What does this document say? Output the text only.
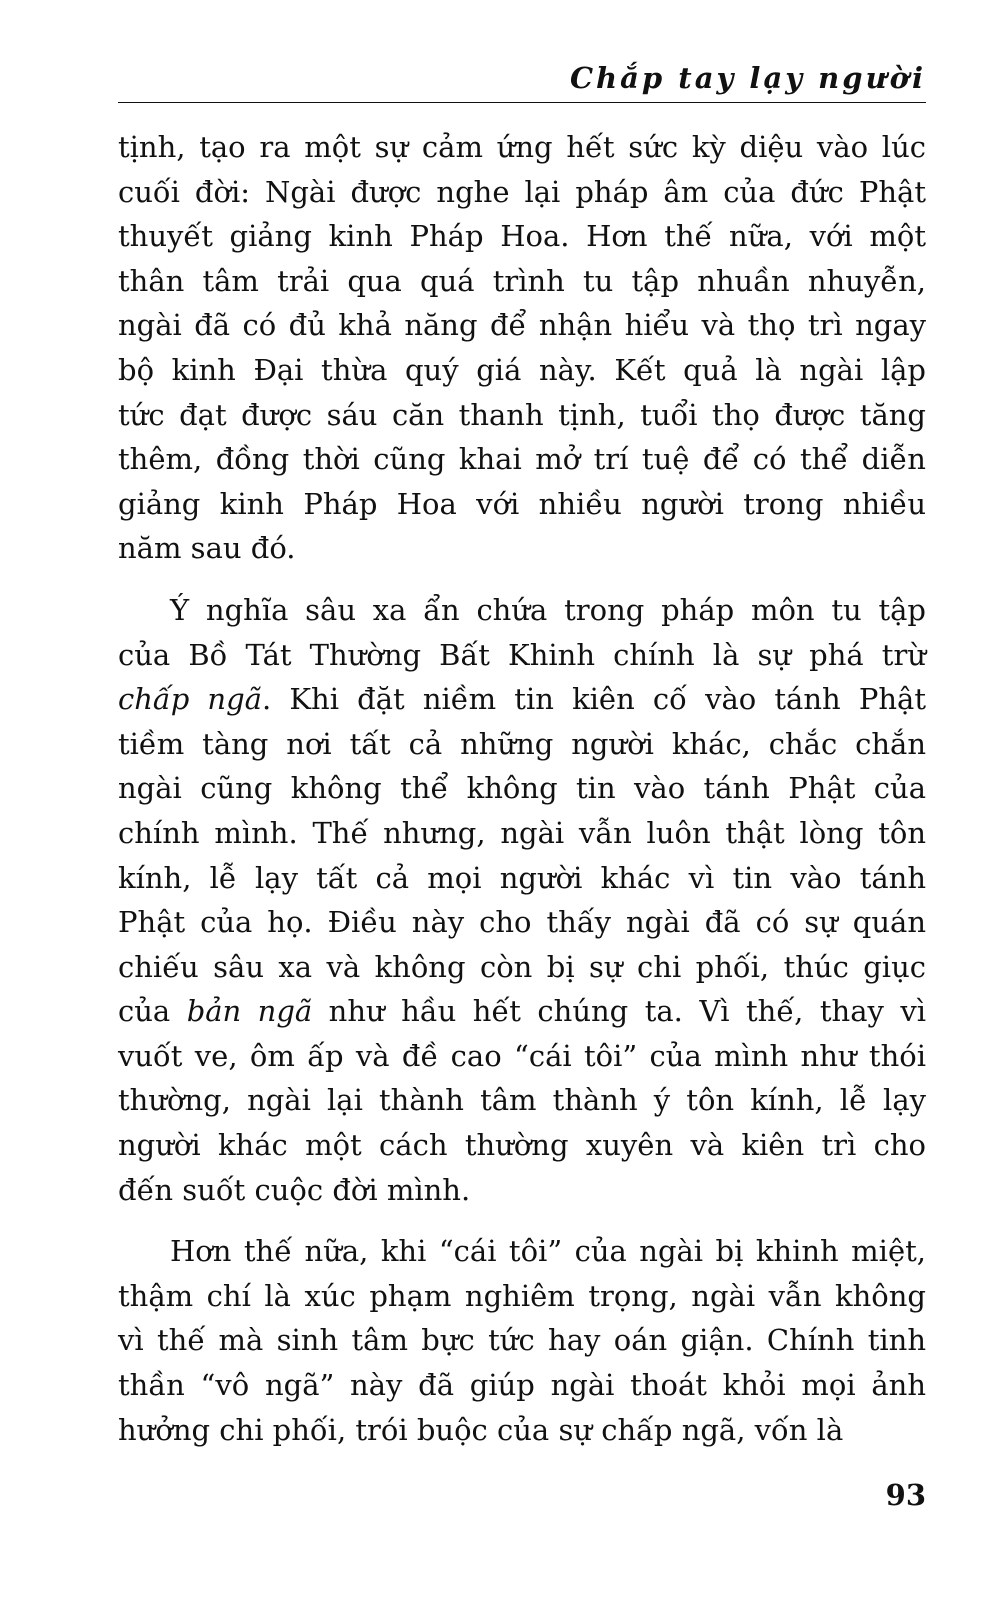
Chắp tay lạy người
tịnh, tạo ra một sự cảm ứng hết sức kỳ diệu vào lúc
cuối đời: Ngài được nghe lại pháp âm của đức Phật
thuyết giảng kinh Pháp Hoa. Hơn thế nữa, với một
thân tâm trải qua quá trình tu tập nhuần nhuyễn,
ngài đã có đủ khả năng để nhận hiểu và thọ trì ngay
bộ kinh Đại thừa quý giá này. Kết quả là ngài lập
tức đạt được sáu căn thanh tịnh, tuổi thọ được tăng
thêm, đồng thời cũng khai mở trí tuệ để có thể diễn
giảng kinh Pháp Hoa với nhiều người trong nhiều
năm sau đó.
Ý nghĩa sâu xa ẩn chứa trong pháp môn tu tập
của Bồ Tát Thường Bất Khinh chính là sự phá trừ
chấp ngã. Khi đặt niềm tin kiên cố vào tánh Phật
tiềm tàng nơi tất cả những người khác, chắc chắn
ngài cũng không thể không tin vào tánh Phật của
chính mình. Thế nhưng, ngài vẫn luôn thật lòng tôn
kính, lễ lạy tất cả mọi người khác vì tin vào tánh
Phật của họ. Điều này cho thấy ngài đã có sự quán
chiếu sâu xa và không còn bị sự chi phối, thúc giục
của bản ngã như hầu hết chúng ta. Vì thế, thay vì
vuốt ve, ôm ấp và đề cao “cái tôi” của mình như thói
thường, ngài lại thành tâm thành ý tôn kính, lễ lạy
người khác một cách thường xuyên và kiên trì cho
đến suốt cuộc đời mình.
Hơn thế nữa, khi “cái tôi” của ngài bị khinh miệt,
thậm chí là xúc phạm nghiêm trọng, ngài vẫn không
vì thế mà sinh tâm bực tức hay oán giận. Chính tinh
thần “vô ngã” này đã giúp ngài thoát khỏi mọi ảnh
hưởng chi phối, trói buộc của sự chấp ngã, vốn là
93
